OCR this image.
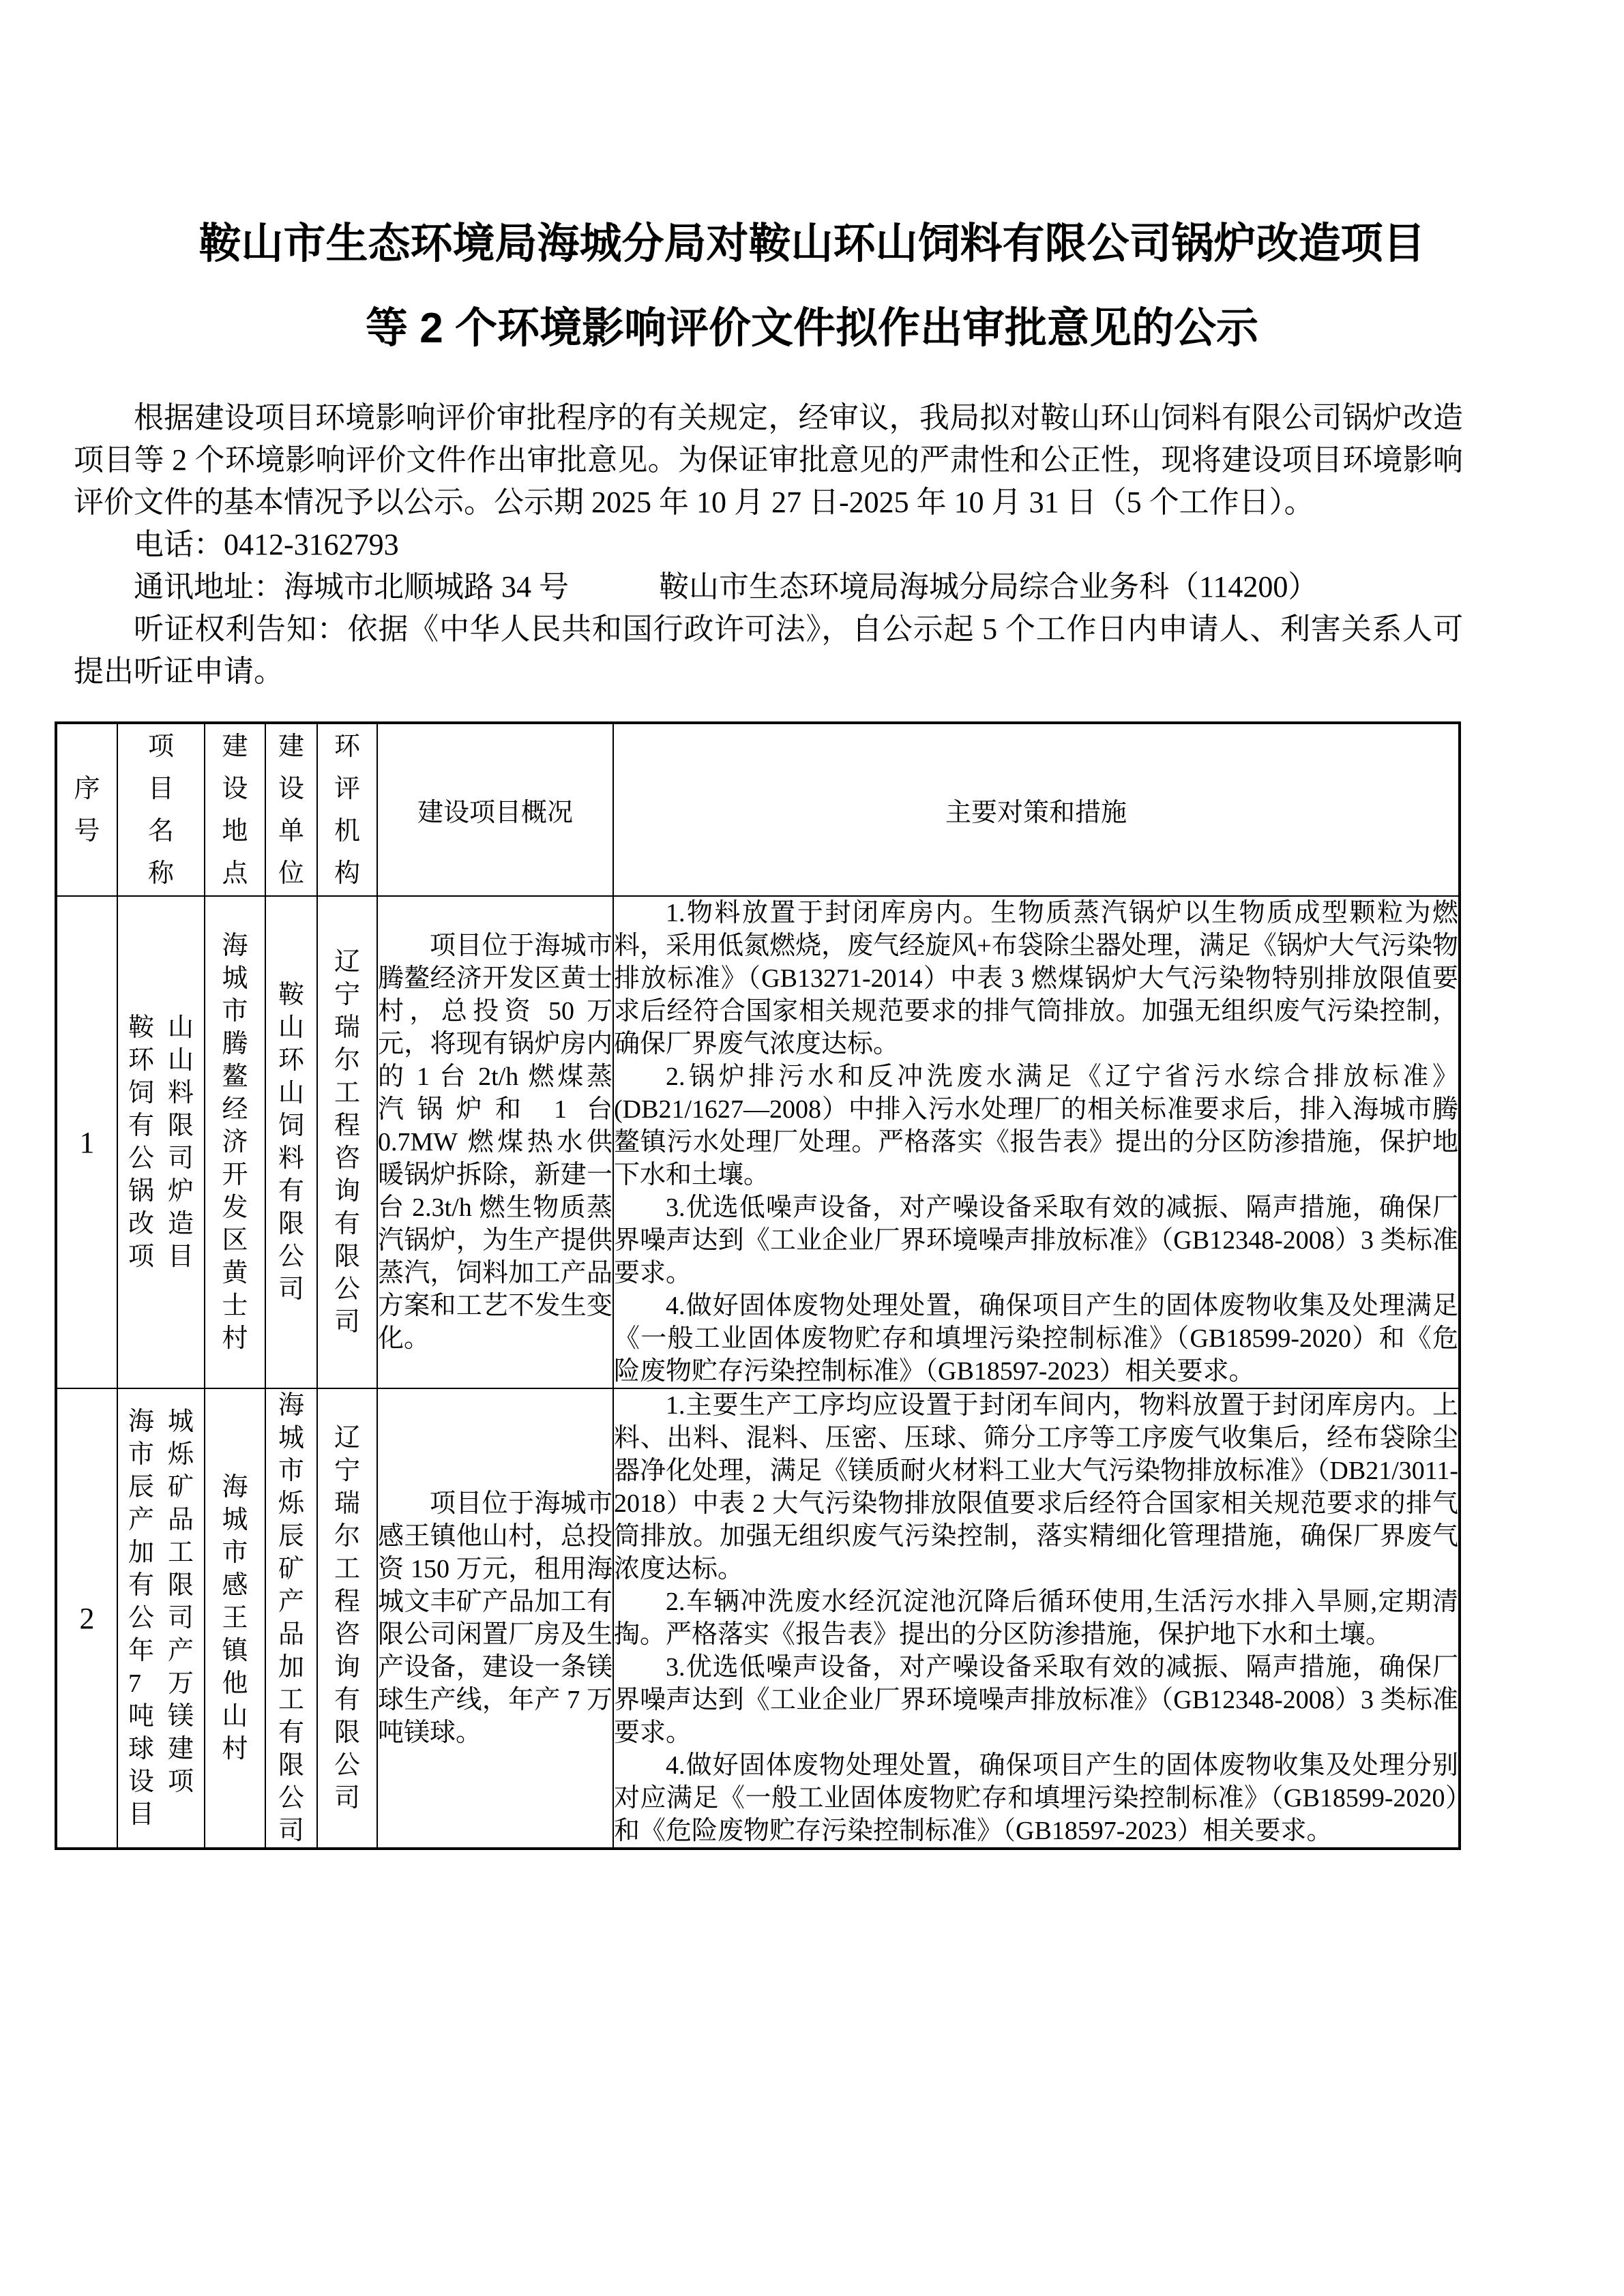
鞍山市生态环境局海城分局对鞍山环山饲料有限公司锅炉改造项目等 2 个环境影响评价文件拟作出审批意见的公示

根据建设项目环境影响评价审批程序的有关规定，经审议，我局拟对鞍山环山饲料有限公司锅炉改造项目等 2 个环境影响评价文件作出审批意见。为保证审批意见的严肃性和公正性，现将建设项目环境影响评价文件的基本情况予以公示。公示期 2025 年 10 月 27 日-2025 年 10 月 31 日（5 个工作日）。

电话：0412-3162793

通讯地址：海城市北顺城路 34 号　　　鞍山市生态环境局海城分局综合业务科（114200）

听证权利告知：依据《中华人民共和国行政许可法》，自公示起 5 个工作日内申请人、利害关系人可提出听证申请。

序号	项目名称	建设地点	建设单位	环评机构	建设项目概况	主要对策和措施
1	鞍山环山饲料有限公司锅炉改造项目	海城市腾鳌经济开发区黄士村	鞍山环山饲料有限公司	辽宁瑞尔工程咨询有限公司	项目位于海城市腾鳌经济开发区黄士村，总投资 50 万元，将现有锅炉房内的 1 台 2t/h 燃煤蒸汽锅炉和 1 台 0.7MW 燃煤热水供暖锅炉拆除，新建一台 2.3t/h 燃生物质蒸汽锅炉，为生产提供蒸汽，饲料加工产品方案和工艺不发生变化。	1.物料放置于封闭库房内。生物质蒸汽锅炉以生物质成型颗粒为燃料，采用低氮燃烧，废气经旋风+布袋除尘器处理，满足《锅炉大气污染物排放标准》（GB13271-2014）中表 3 燃煤锅炉大气污染物特别排放限值要求后经符合国家相关规范要求的排气筒排放。加强无组织废气污染控制，确保厂界废气浓度达标。

2.锅炉排污水和反冲洗废水满足《辽宁省污水综合排放标准》(DB21/1627—2008）中排入污水处理厂的相关标准要求后，排入海城市腾鳌镇污水处理厂处理。严格落实《报告表》提出的分区防渗措施，保护地下水和土壤。

3.优选低噪声设备，对产噪设备采取有效的减振、隔声措施，确保厂界噪声达到《工业企业厂界环境噪声排放标准》（GB12348-2008）3 类标准要求。

4.做好固体废物处理处置，确保项目产生的固体废物收集及处理满足《一般工业固体废物贮存和填埋污染控制标准》（GB18599-2020）和《危险废物贮存污染控制标准》（GB18597-2023）相关要求。

2	海城市烁辰矿产品加工有限公司年产 7 万吨镁球建设项目	海城市感王镇他山村	海城市烁辰矿产品加工有限公司	辽宁瑞尔工程咨询有限公司	项目位于海城市感王镇他山村，总投资 150 万元，租用海城文丰矿产品加工有限公司闲置厂房及生产设备，建设一条镁球生产线，年产 7 万吨镁球。	1.主要生产工序均应设置于封闭车间内，物料放置于封闭库房内。上料、出料、混料、压密、压球、筛分工序等工序废气收集后，经布袋除尘器净化处理，满足《镁质耐火材料工业大气污染物排放标准》（DB21/3011-2018）中表 2 大气污染物排放限值要求后经符合国家相关规范要求的排气筒排放。加强无组织废气污染控制，落实精细化管理措施，确保厂界废气浓度达标。

2.车辆冲洗废水经沉淀池沉降后循环使用,生活污水排入旱厕,定期清掏。严格落实《报告表》提出的分区防渗措施，保护地下水和土壤。

3.优选低噪声设备，对产噪设备采取有效的减振、隔声措施，确保厂界噪声达到《工业企业厂界环境噪声排放标准》（GB12348-2008）3 类标准要求。

4.做好固体废物处理处置，确保项目产生的固体废物收集及处理分别对应满足《一般工业固体废物贮存和填埋污染控制标准》（GB18599-2020）和《危险废物贮存污染控制标准》（GB18597-2023）相关要求。
